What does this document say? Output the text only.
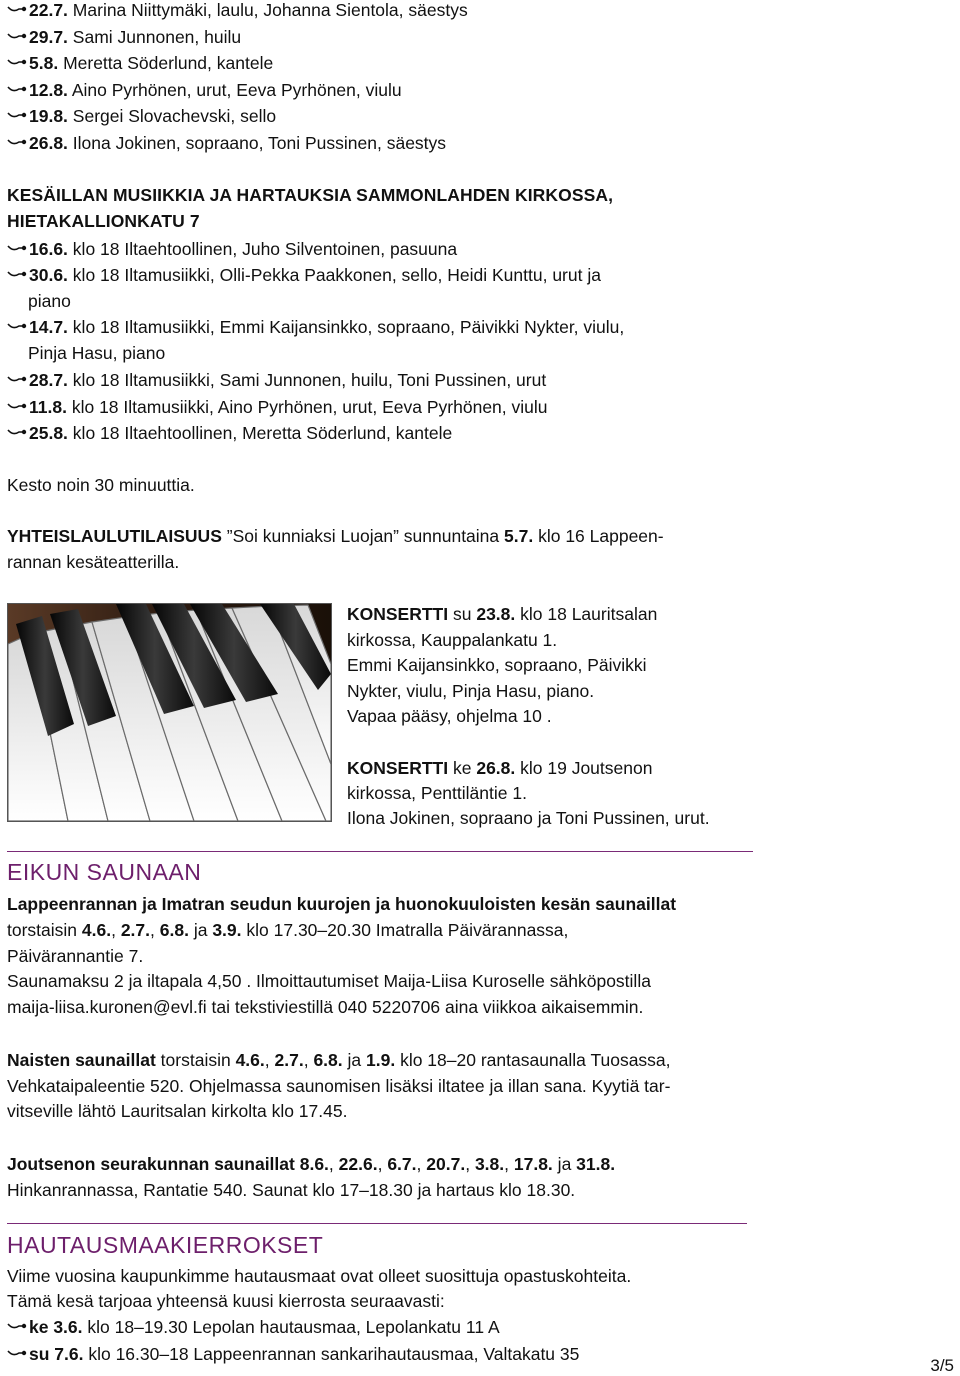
22.7. Marina Niittymäki, laulu, Johanna Sientola, säestys
29.7. Sami Junnonen, huilu
5.8. Meretta Söderlund, kantele
12.8. Aino Pyrhönen, urut, Eeva Pyrhönen, viulu
19.8. Sergei Slovachevski, sello
26.8. Ilona Jokinen, sopraano, Toni Pussinen, säestys
KESÄILLAN MUSIIKKIA JA HARTAUKSIA SAMMONLAHDEN KIRKOSSA,
HIETAKALLIONKATU 7
16.6. klo 18 Iltaehtoollinen, Juho Silventoinen, pasuuna
30.6. klo 18 Iltamusiikki, Olli-Pekka Paakkonen, sello, Heidi Kunttu, urut ja
piano
14.7. klo 18 Iltamusiikki, Emmi Kaijansinkko, sopraano, Päivikki Nykter, viulu,
Pinja Hasu, piano
28.7. klo 18 Iltamusiikki, Sami Junnonen, huilu, Toni Pussinen, urut
11.8. klo 18 Iltamusiikki, Aino Pyrhönen, urut, Eeva Pyrhönen, viulu
25.8. klo 18 Iltaehtoollinen, Meretta Söderlund, kantele
Kesto noin 30 minuuttia.
YHTEISLAULUTILAISUUS ”Soi kunniaksi Luojan” sunnuntaina 5.7. klo 16 Lappeen-
rannan kesäteatterilla.
KONSERTTI su 23.8. klo 18 Lauritsalan
kirkossa, Kauppalankatu 1.
Emmi Kaijansinkko, sopraano, Päivikki
Nykter, viulu, Pinja Hasu, piano.
Vapaa pääsy, ohjelma 10 .
KONSERTTI ke 26.8. klo 19 Joutsenon
kirkossa, Penttiläntie 1.
Ilona Jokinen, sopraano ja Toni Pussinen, urut.
EIKUN SAUNAAN
Lappeenrannan ja Imatran seudun kuurojen ja huonokuuloisten kesän saunaillat
torstaisin 4.6., 2.7., 6.8. ja 3.9. klo 17.30–20.30 Imatralla Päivärannassa,
Päivärannantie 7.
Saunamaksu 2 ja iltapala 4,50 . Ilmoittautumiset Maija-Liisa Kuroselle sähköpostilla
maija-liisa.kuronen@evl.fi tai tekstiviestillä 040 5220706 aina viikkoa aikaisemmin.
Naisten saunaillat torstaisin 4.6., 2.7., 6.8. ja 1.9. klo 18–20 rantasaunalla Tuosassa,
Vehkataipaleentie 520. Ohjelmassa saunomisen lisäksi iltatee ja illan sana. Kyytiä tar-
vitseville lähtö Lauritsalan kirkolta klo 17.45.
Joutsenon seurakunnan saunaillat 8.6., 22.6., 6.7., 20.7., 3.8., 17.8. ja 31.8.
Hinkanrannassa, Rantatie 540. Saunat klo 17–18.30 ja hartaus klo 18.30.
HAUTAUSMAAKIERROKSET
Viime vuosina kaupunkimme hautausmaat ovat olleet suosittuja opastuskohteita.
Tämä kesä tarjoaa yhteensä kuusi kierrosta seuraavasti:
ke 3.6. klo 18–19.30 Lepolan hautausmaa, Lepolankatu 11 A
su 7.6. klo 16.30–18 Lappeenrannan sankarihautausmaa, Valtakatu 35
3/5
